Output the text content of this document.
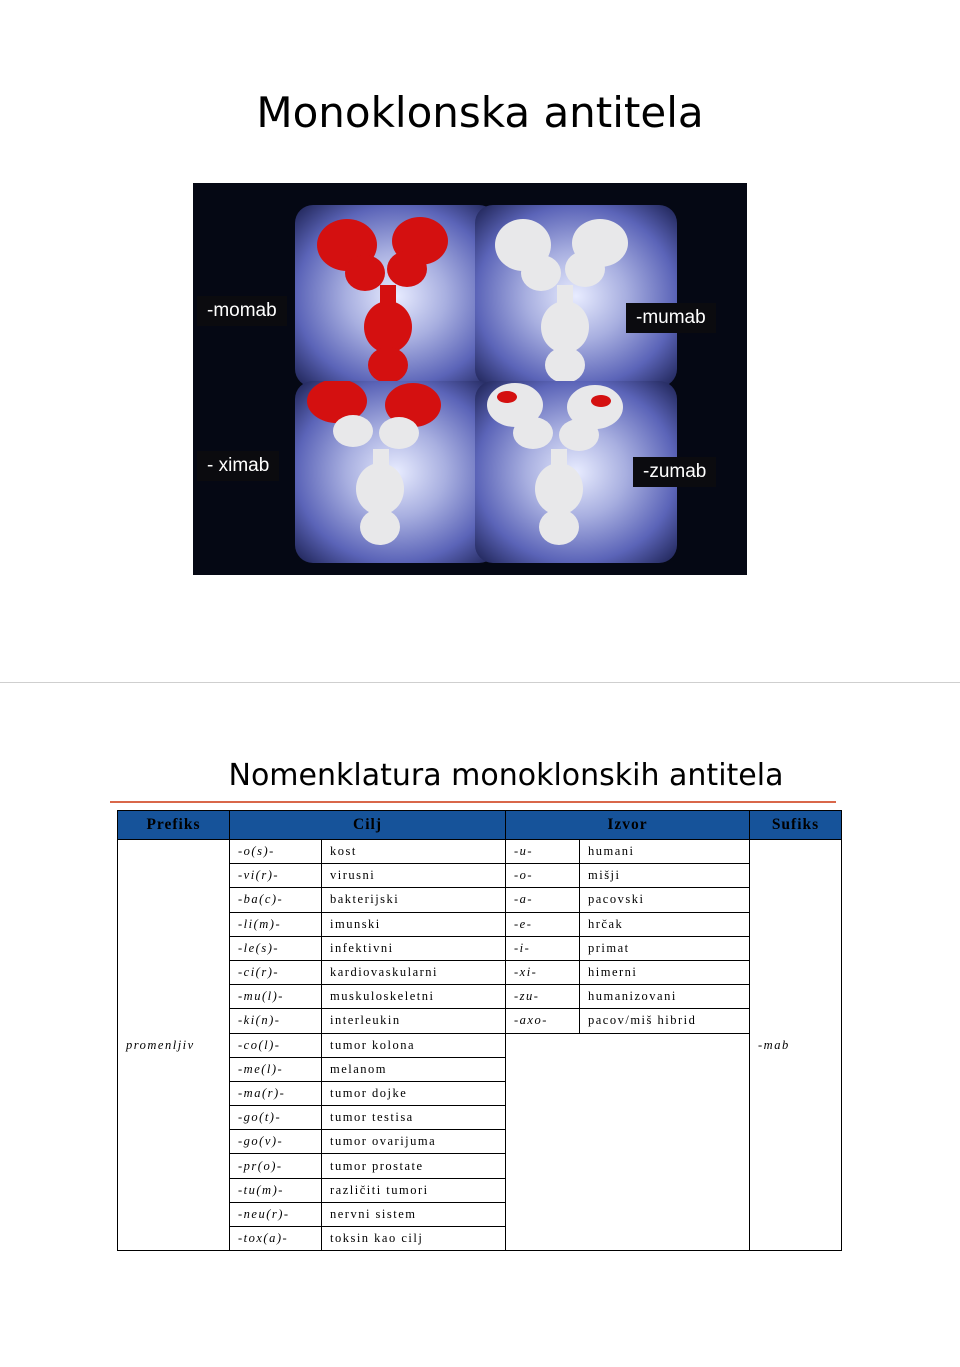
Monoklonska antitela
-momab	-mumab
- ximab	-zumab
Nomenklatura monoklonskih antitela
Prefiks	Cilj		Izvor		Sufiks
promenljiv	-o(s)-	kost	-u-	humani	-mab
	-vi(r)-	virusni	-o-	mišji	
	-ba(c)-	bakterijski	-a-	pacovski	
	-li(m)-	imunski	-e-	hrčak	
	-le(s)-	infektivni	-i-	primat	
	-ci(r)-	kardiovaskularni	-xi-	himerni	
	-mu(l)-	muskuloskeletni	-zu-	humanizovani	
	-ki(n)-	interleukin	-axo-	pacov/miš hibrid	
	-co(l)-	tumor kolona			
	-me(l)-	melanom			
	-ma(r)-	tumor dojke			
	-go(t)-	tumor testisa			
	-go(v)-	tumor ovarijuma			
	-pr(o)-	tumor prostate			
	-tu(m)-	različiti tumori			
	-neu(r)-	nervni sistem			
	-tox(a)-	toksin kao cilj			
